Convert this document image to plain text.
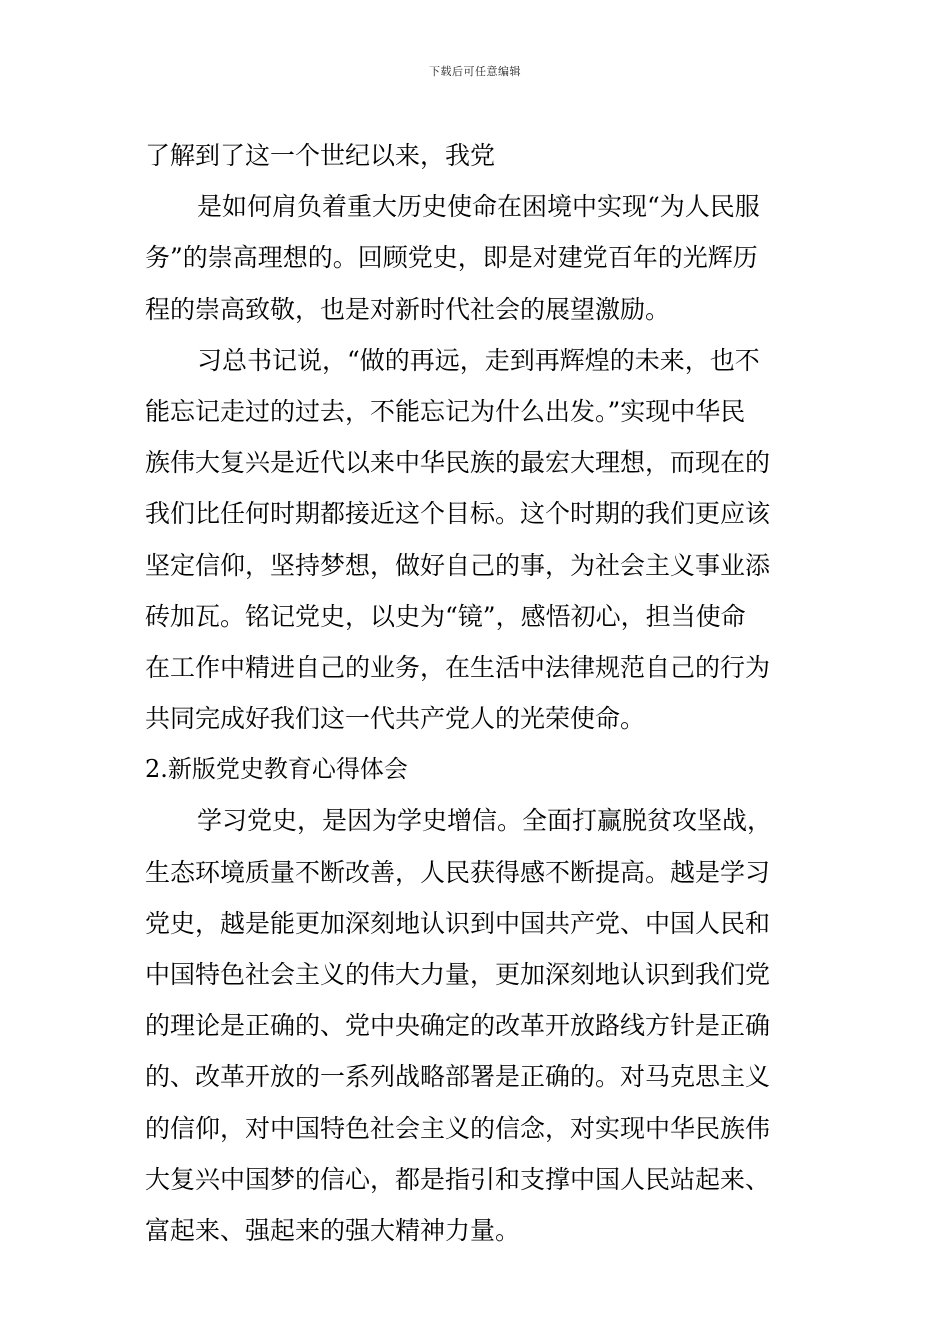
下载后可任意编辑
了解到了这一个世纪以来，我党
是如何肩负着重大历史使命在困境中实现“为人民服
务”的崇高理想的。回顾党史，即是对建党百年的光辉历
程的崇高致敬，也是对新时代社会的展望激励。
习总书记说，“做的再远，走到再辉煌的未来，也不
能忘记走过的过去，不能忘记为什么出发。”实现中华民
族伟大复兴是近代以来中华民族的最宏大理想，而现在的
我们比任何时期都接近这个目标。这个时期的我们更应该
坚定信仰，坚持梦想，做好自己的事，为社会主义事业添
砖加瓦。铭记党史，以史为“镜”，感悟初心，担当使命
在工作中精进自己的业务，在生活中法律规范自己的行为
共同完成好我们这一代共产党人的光荣使命。
2.新版党史教育心得体会
学习党史，是因为学史增信。全面打赢脱贫攻坚战，
生态环境质量不断改善，人民获得感不断提高。越是学习
党史，越是能更加深刻地认识到中国共产党、中国人民和
中国特色社会主义的伟大力量，更加深刻地认识到我们党
的理论是正确的、党中央确定的改革开放路线方针是正确
的、改革开放的一系列战略部署是正确的。对马克思主义
的信仰，对中国特色社会主义的信念，对实现中华民族伟
大复兴中国梦的信心，都是指引和支撑中国人民站起来、
富起来、强起来的强大精神力量。
